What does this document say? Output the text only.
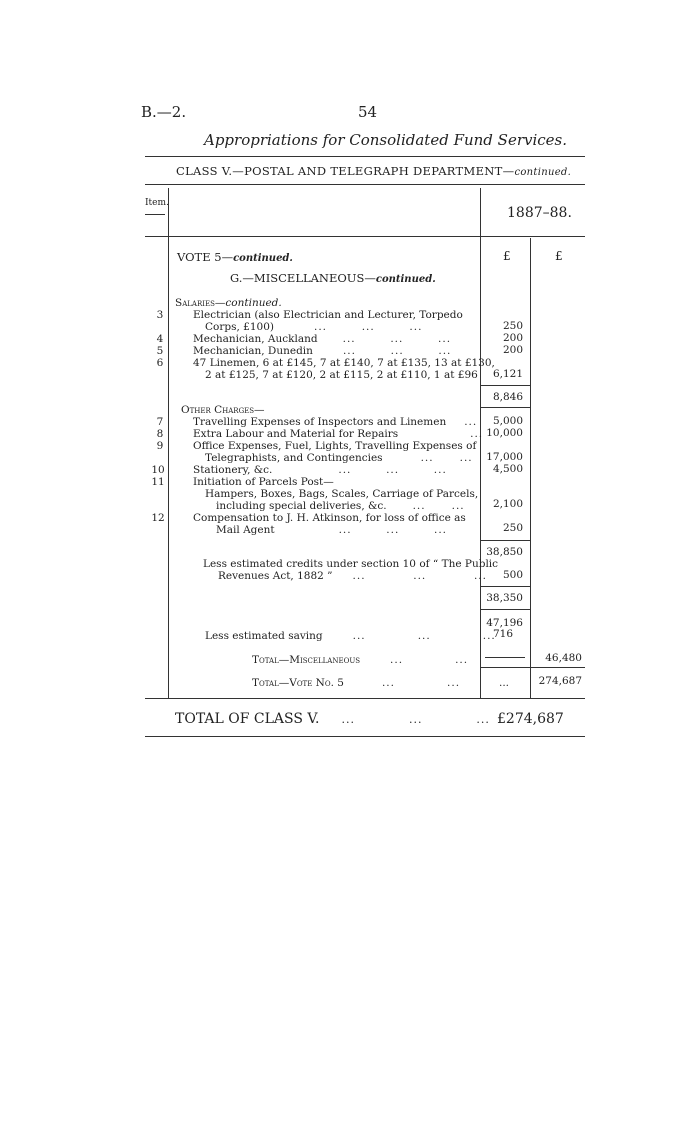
B.—2.	54
Appropriations for Consolidated Fund Services.
CLASS V.—POSTAL AND TELEGRAPH DEPARTMENT—continued.
Item.
1887–88.
£	£
VOTE 5—continued.
G.—MISCELLANEOUS—continued.
Salaries—continued.
3	Electrician (also Electrician and Lecturer, Torpedo
Corps, £100)	...        ...        ...	250
4	Mechanician, Auckland ...        ...        ...	200
5	Mechanician, Dunedin	...        ...        ...	200
6	47 Linemen, 6 at £145, 7 at £140, 7 at £135, 13 at £130,
2 at £125, 7 at £120, 2 at £115, 2 at £110, 1 at £96	6,121
8,846
Other Charges—
7	Travelling Expenses of Inspectors and Linemen ...	5,000
8	Extra Labour and Material for Repairs	... 10,000
9	Office Expenses, Fuel, Lights, Travelling Expenses of
Telegraphists, and Contingencies	...      ...	17,000
10	Stationery, &c.	...        ...        ...	4,500
11	Initiation of Parcels Post—
Hampers, Boxes, Bags, Scales, Carriage of Parcels,
including special deliveries, &c. ...      ...	2,100
12	Compensation to J. H. Atkinson, for loss of office as
Mail Agent	...        ...        ...	250
38,850
Less estimated credits under section 10 of “ The Public
Revenues Act, 1882 ” ...           ...           ...	500
38,350
47,196
Less estimated saving	...            ...            ...
716
Total—Miscellaneous	...            ...	46,480
Total—Vote No. 5	...            ...	...	274,687
TOTAL OF CLASS V. ...            ...            ... £274,687
